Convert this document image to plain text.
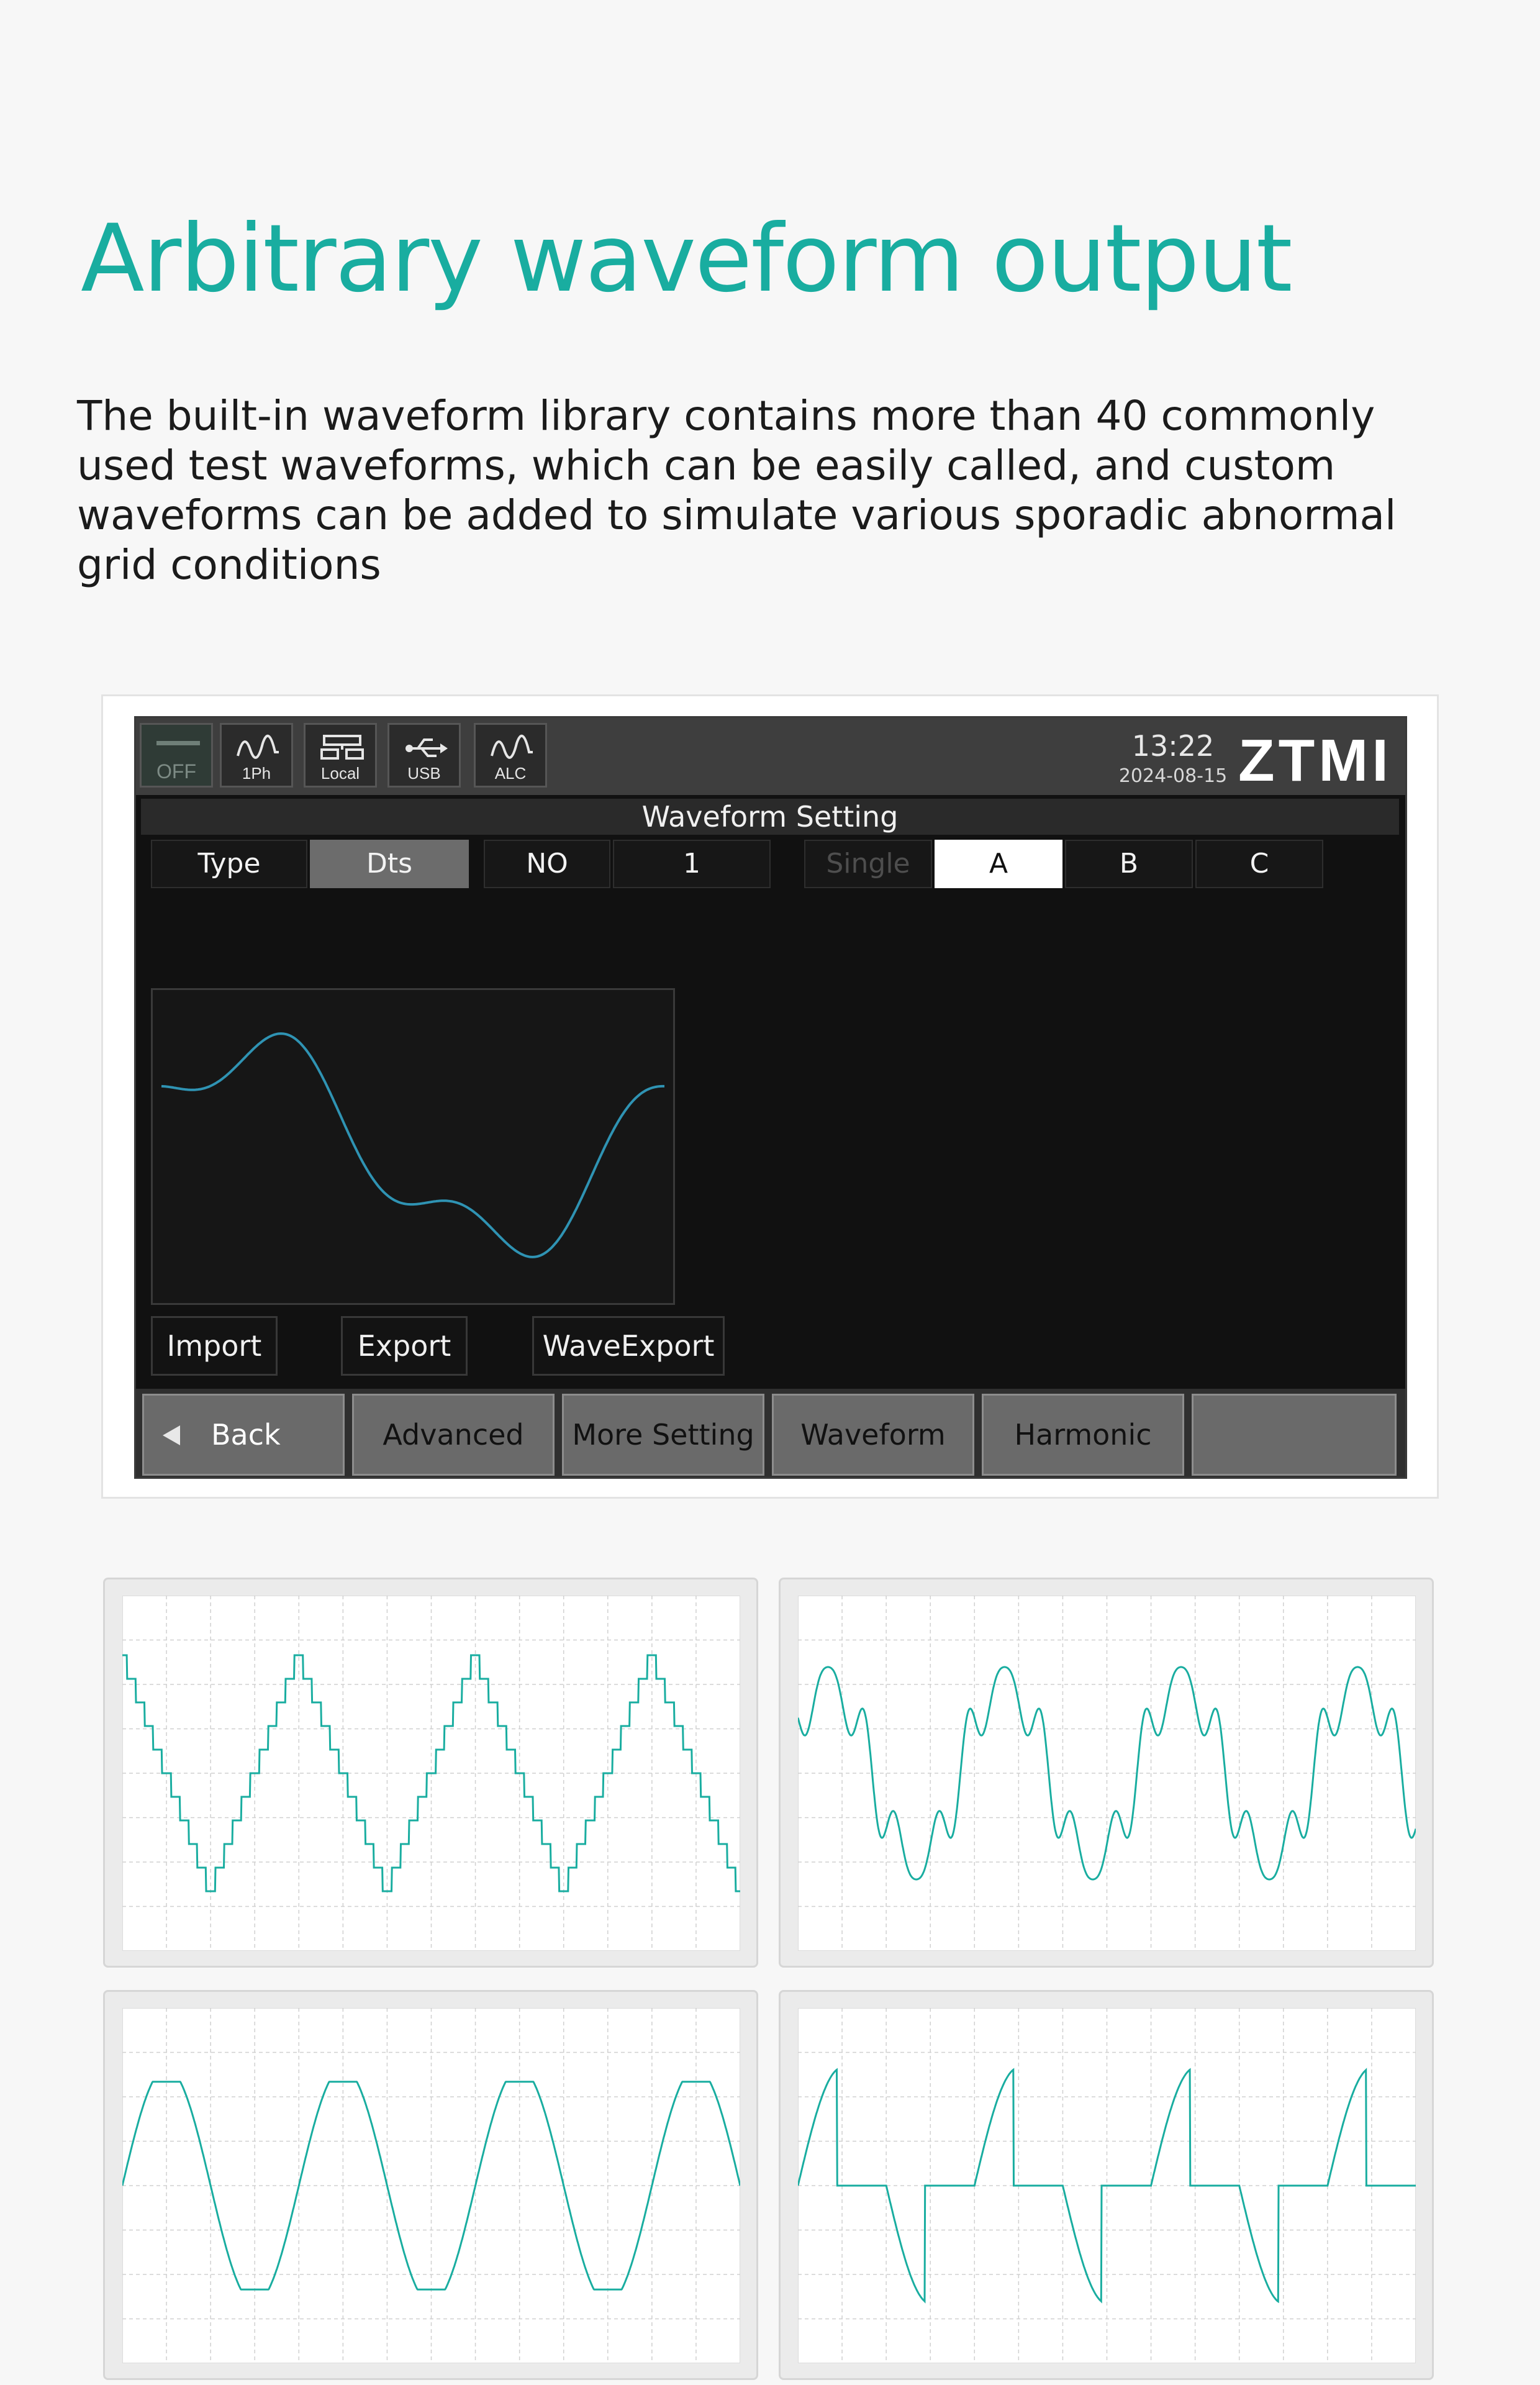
Arbitrary waveform output

The built-in waveform library contains more than 40 commonly used test waveforms, which can be easily called, and custom waveforms can be added to simulate various sporadic abnormal grid conditions

OFF	1Ph	Local	USB	ALC
13:22
2024-08-15 ZTMI
Waveform Setting
Type	Dts	NO	1	Single	A	B	C
Import	Export	WaveExport
Back	Advanced	More Setting	Waveform	Harmonic
